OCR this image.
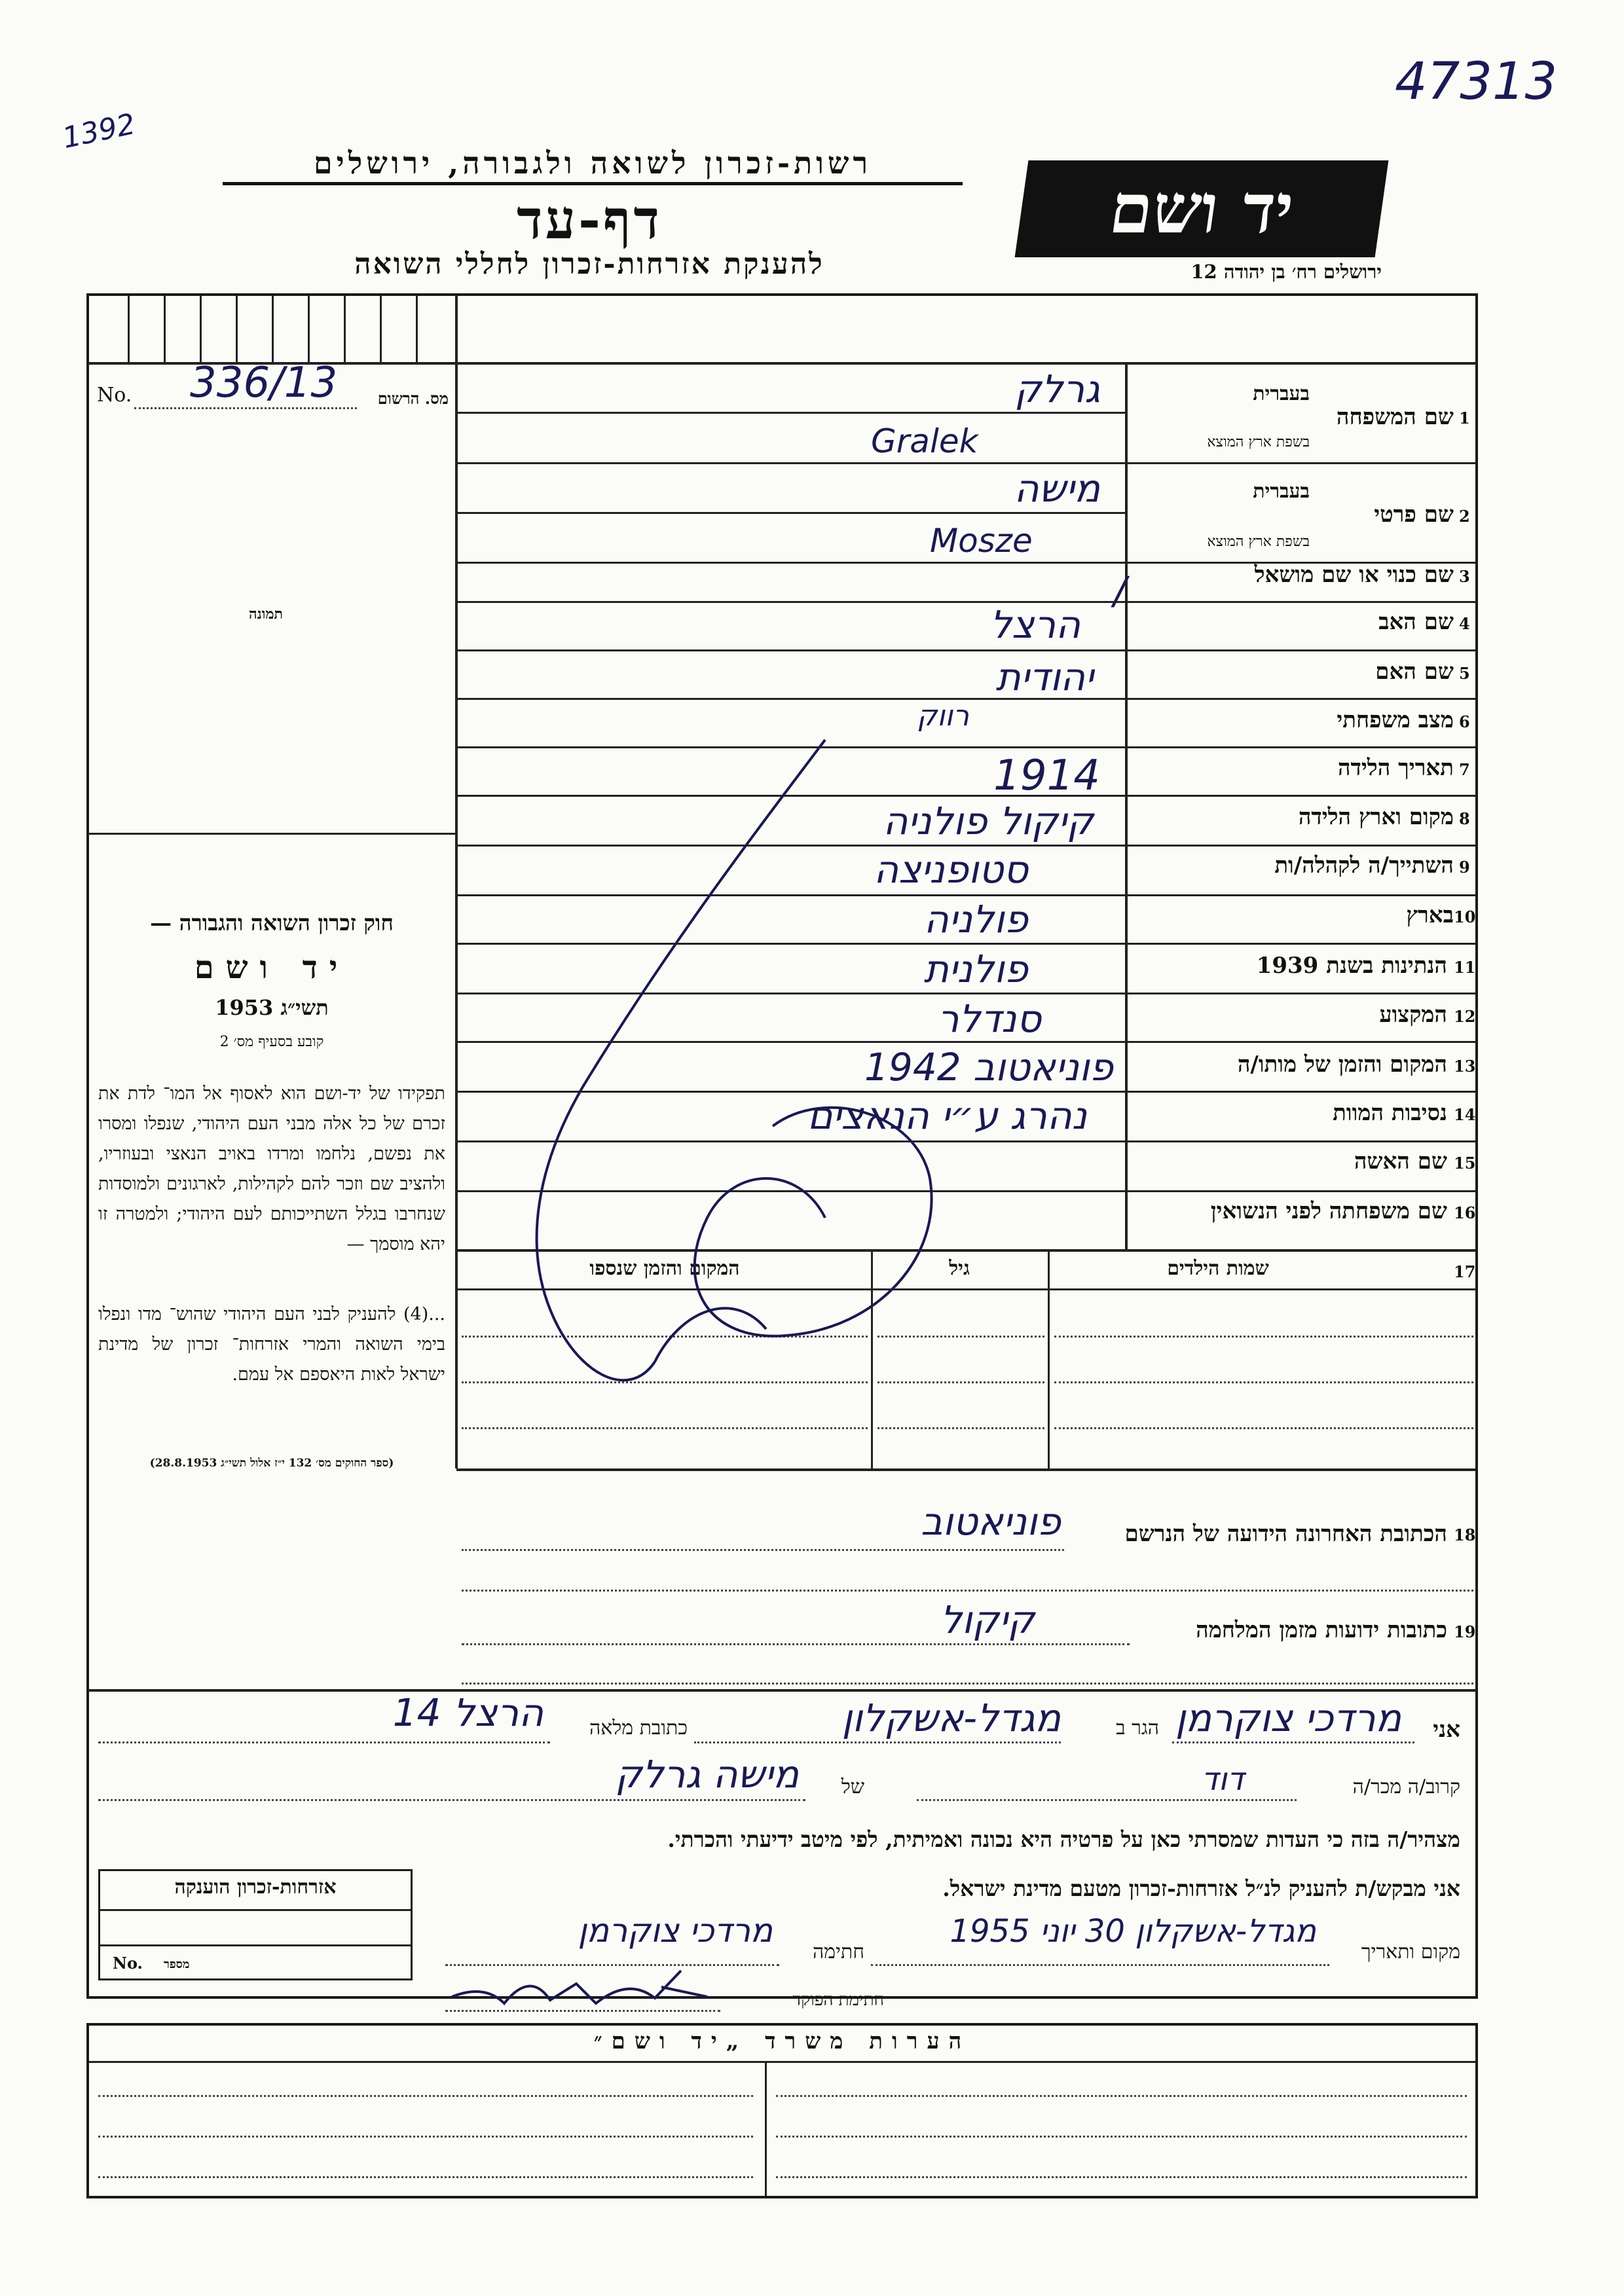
47313
1392
רשות-זכרון לשואה ולגבורה, ירושלים
דף-עד
להענקת אזרחות-זכרון לחללי השואה
יד ושם
ירושלים רח׳ בן יהודה 12
No. 336/13	מס. הרשום
תמונה
חוק זכרון השואה והגבורה —
יד ושם
תשי״ג 1953
קובע בסעיף מס׳ 2
תפקידו של יד-ושם הוא לאסוף אל המו־ לדת את זכרם של כל אלה מבני העם היהודי, שנפלו ומסרו את נפשם, נלחמו ומרדו באויב הנאצי ובעוזריו, ולהציב שם וזכר להם לקהילות, לארגונים ולמוסדות שנחרבו בגלל השתייכותם לעם היהודי; ולמטרה זו יהא מוסמך —
...(4) להעניק לבני העם היהודי שהוש־ מדו ונפלו בימי השואה והמרי אזרחות־ זכרון של מדינת ישראל לאות היאספם אל עמם.
(ספר החוקים מס׳ 132 י״ז אלול תשי״ג 28.8.1953)
בעברית
בשפת ארץ המוצא
שם המשפחה 1
גרלק
Gralek
בעברית
בשפת ארץ המוצא
שם פרטי 2
מישה
Mosze
שם כנוי או שם מושאל 3
/
שם האב 4
הרצל
שם האם 5
יהודית
מצב משפחתי 6
רווק
תאריך הלידה 7
1914
מקום וארץ הלידה 8
קיקול פולניה
השתייך/ה לקהלה/ות 9
סטופניצה
בארץ 10
פולניה
הנתינות בשנת 1939 11
פולנית
המקצוע 12
סנדלר
המקום והזמן של מותו/ה 13
פוניאטוב 1942
נסיבות המוות 14
נהרג ע״י הנאצים
שם האשה 15
שם משפחתה לפני הנשואין 16
17
שמות הילדים
גיל
המקום והזמן שנספו
18
הכתובת האחרונה הידועה של הנרשם
פוניאטוב
19
כתובות ידועות מזמן המלחמה
קיקול
אני
מרדכי צוקרמן
הגר ב
מגדל-אשקלון
כתובת מלאה
הרצל 14
קרוב/ה מכר/ה
דוד
של
מישה גרלק
מצהיר/ה בזה כי העדות שמסרתי כאן על פרטיה היא נכונה ואמיתית, לפי מיטב ידיעתי והכרתי.
אני מבקש/ת להעניק לנ״ל אזרחות-זכרון מטעם מדינת ישראל.
אזרחות-זכרון הוענקה
No. מספר
מקום ותאריך
מגדל-אשקלון 30 יוני 1955
חתימה
מרדכי צוקרמן
חתימת הפוקד
הערות משרד „יד ושם״
